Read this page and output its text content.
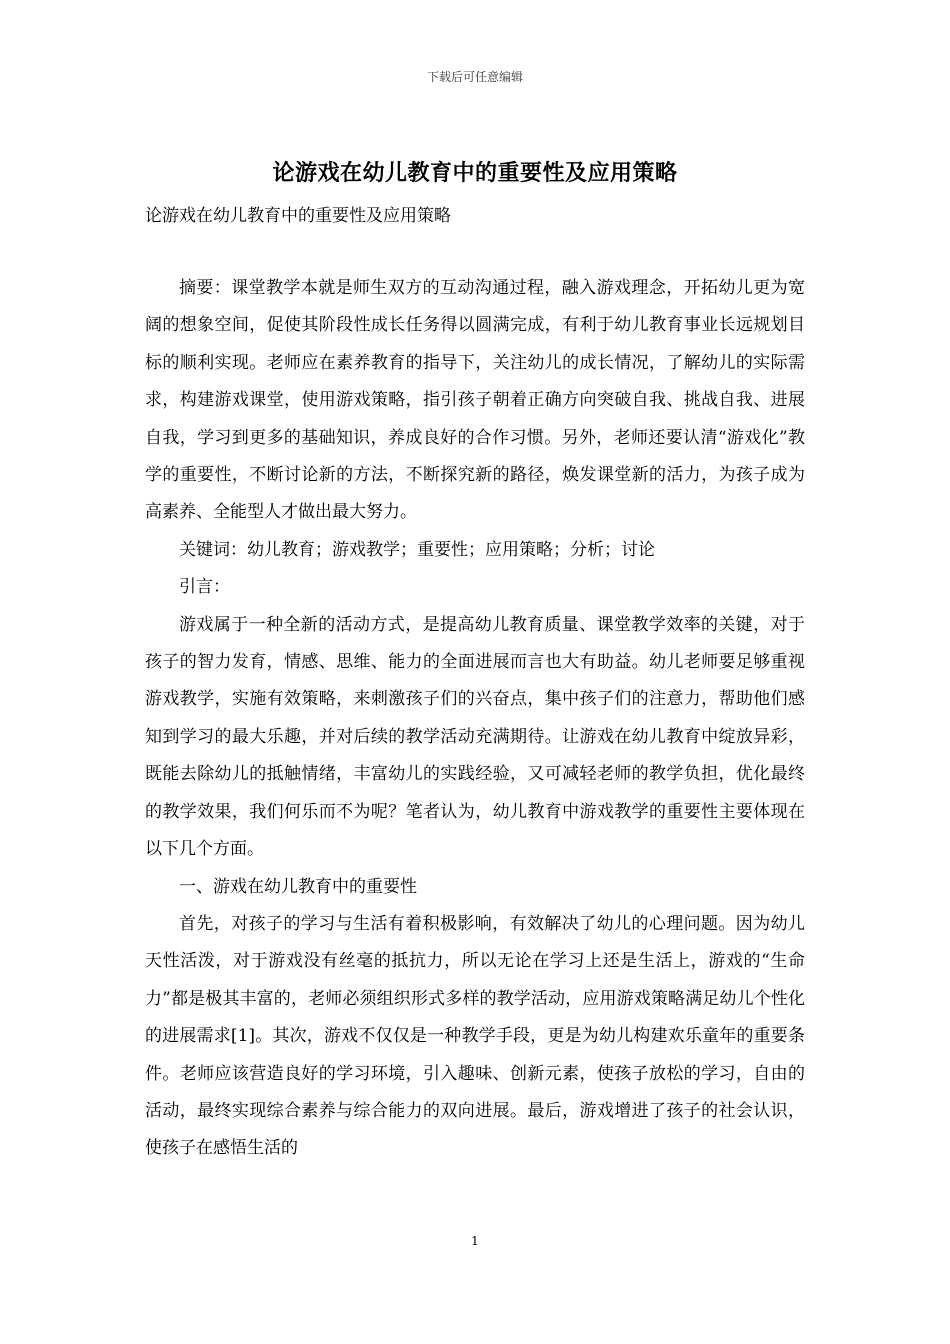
下载后可任意编辑
论游戏在幼儿教育中的重要性及应用策略
论游戏在幼儿教育中的重要性及应用策略

摘要：课堂教学本就是师生双方的互动沟通过程，融入游戏理念，开拓幼儿更为宽阔的想象空间，促使其阶段性成长任务得以圆满完成，有利于幼儿教育事业长远规划目标的顺利实现。老师应在素养教育的指导下，关注幼儿的成长情况，了解幼儿的实际需求，构建游戏课堂，使用游戏策略，指引孩子朝着正确方向突破自我、挑战自我、进展自我，学习到更多的基础知识，养成良好的合作习惯。另外，老师还要认清“游戏化”教学的重要性，不断讨论新的方法，不断探究新的路径，焕发课堂新的活力，为孩子成为高素养、全能型人才做出最大努力。

关键词：幼儿教育；游戏教学；重要性；应用策略；分析；讨论

引言：

游戏属于一种全新的活动方式，是提高幼儿教育质量、课堂教学效率的关键，对于孩子的智力发育，情感、思维、能力的全面进展而言也大有助益。幼儿老师要足够重视游戏教学，实施有效策略，来刺激孩子们的兴奋点，集中孩子们的注意力，帮助他们感知到学习的最大乐趣，并对后续的教学活动充满期待。让游戏在幼儿教育中绽放异彩，既能去除幼儿的抵触情绪，丰富幼儿的实践经验，又可减轻老师的教学负担，优化最终的教学效果，我们何乐而不为呢？笔者认为，幼儿教育中游戏教学的重要性主要体现在以下几个方面。

一、游戏在幼儿教育中的重要性

首先，对孩子的学习与生活有着积极影响，有效解决了幼儿的心理问题。因为幼儿天性活泼，对于游戏没有丝毫的抵抗力，所以无论在学习上还是生活上，游戏的“生命力”都是极其丰富的，老师必须组织形式多样的教学活动，应用游戏策略满足幼儿个性化的进展需求[1]。其次，游戏不仅仅是一种教学手段，更是为幼儿构建欢乐童年的重要条件。老师应该营造良好的学习环境，引入趣味、创新元素，使孩子放松的学习，自由的活动，最终实现综合素养与综合能力的双向进展。最后，游戏增进了孩子的社会认识，使孩子在感悟生活的

1
